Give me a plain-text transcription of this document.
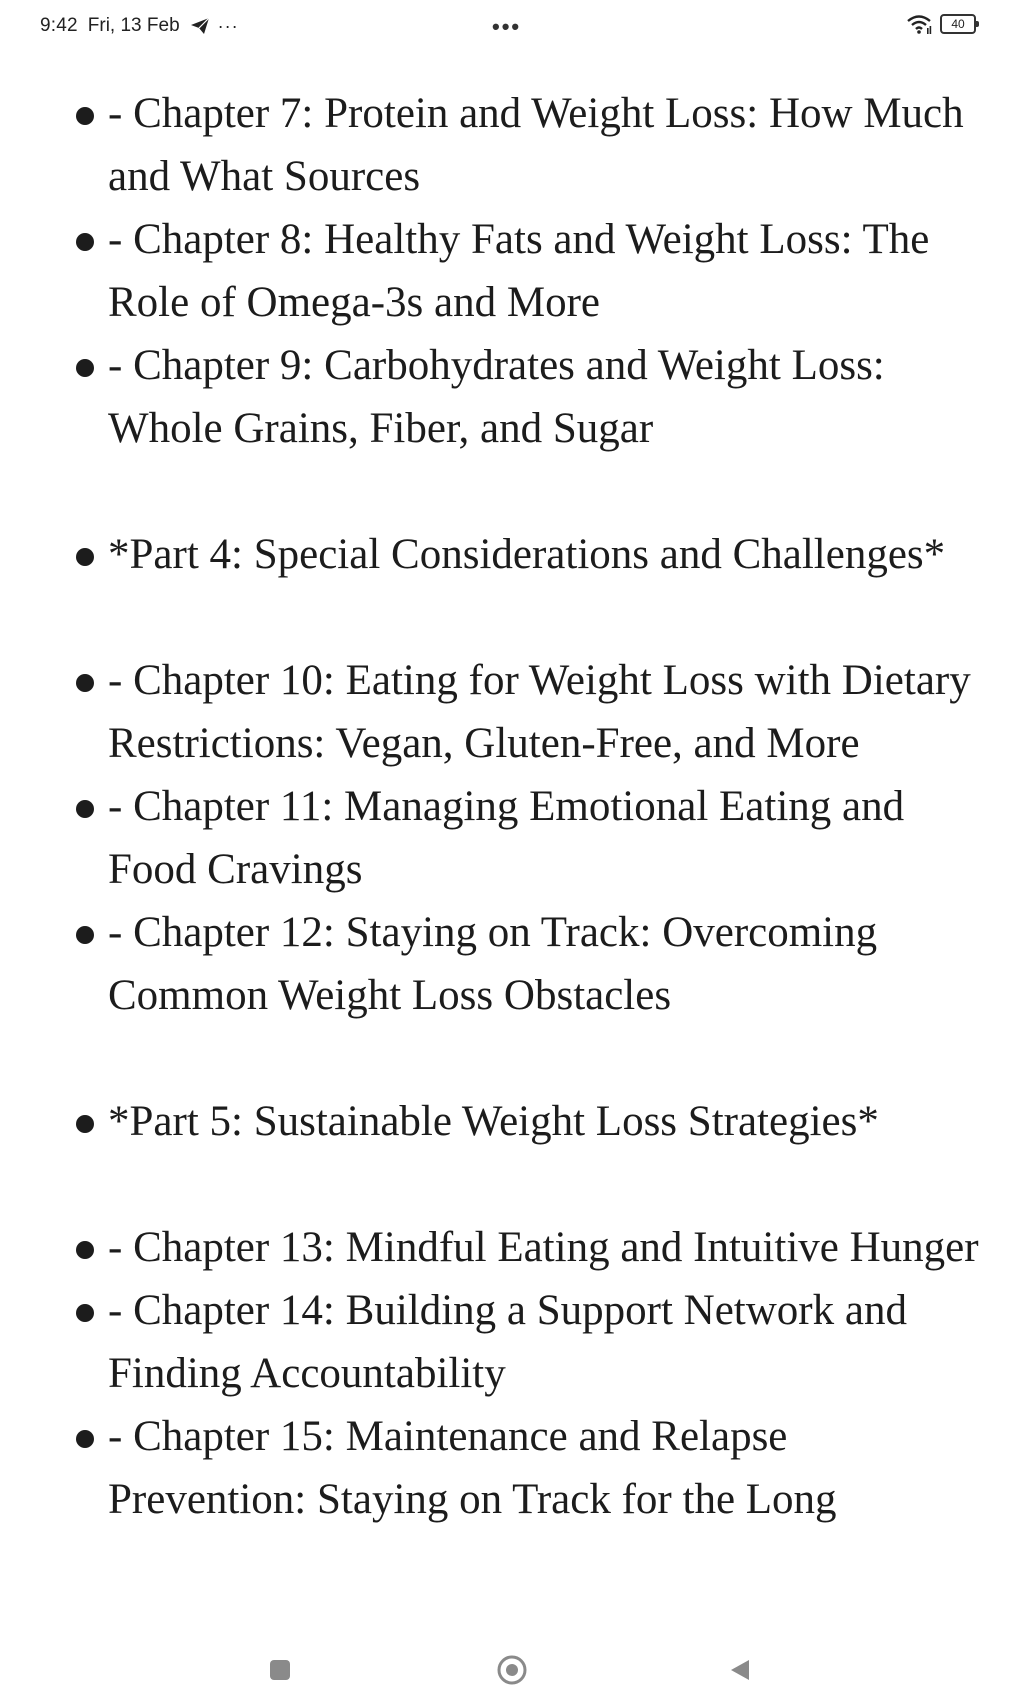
9:42 Fri, 13 Feb ···	•••	40
- Chapter 7: Protein and Weight Loss: How Much and What Sources
- Chapter 8: Healthy Fats and Weight Loss: The Role of Omega-3s and More
- Chapter 9: Carbohydrates and Weight Loss: Whole Grains, Fiber, and Sugar
*Part 4: Special Considerations and Challenges*
- Chapter 10: Eating for Weight Loss with Dietary Restrictions: Vegan, Gluten-Free, and More
- Chapter 11: Managing Emotional Eating and Food Cravings
- Chapter 12: Staying on Track: Overcoming Common Weight Loss Obstacles
*Part 5: Sustainable Weight Loss Strategies*
- Chapter 13: Mindful Eating and Intuitive Hunger
- Chapter 14: Building a Support Network and Finding Accountability
- Chapter 15: Maintenance and Relapse Prevention: Staying on Track for the Long
